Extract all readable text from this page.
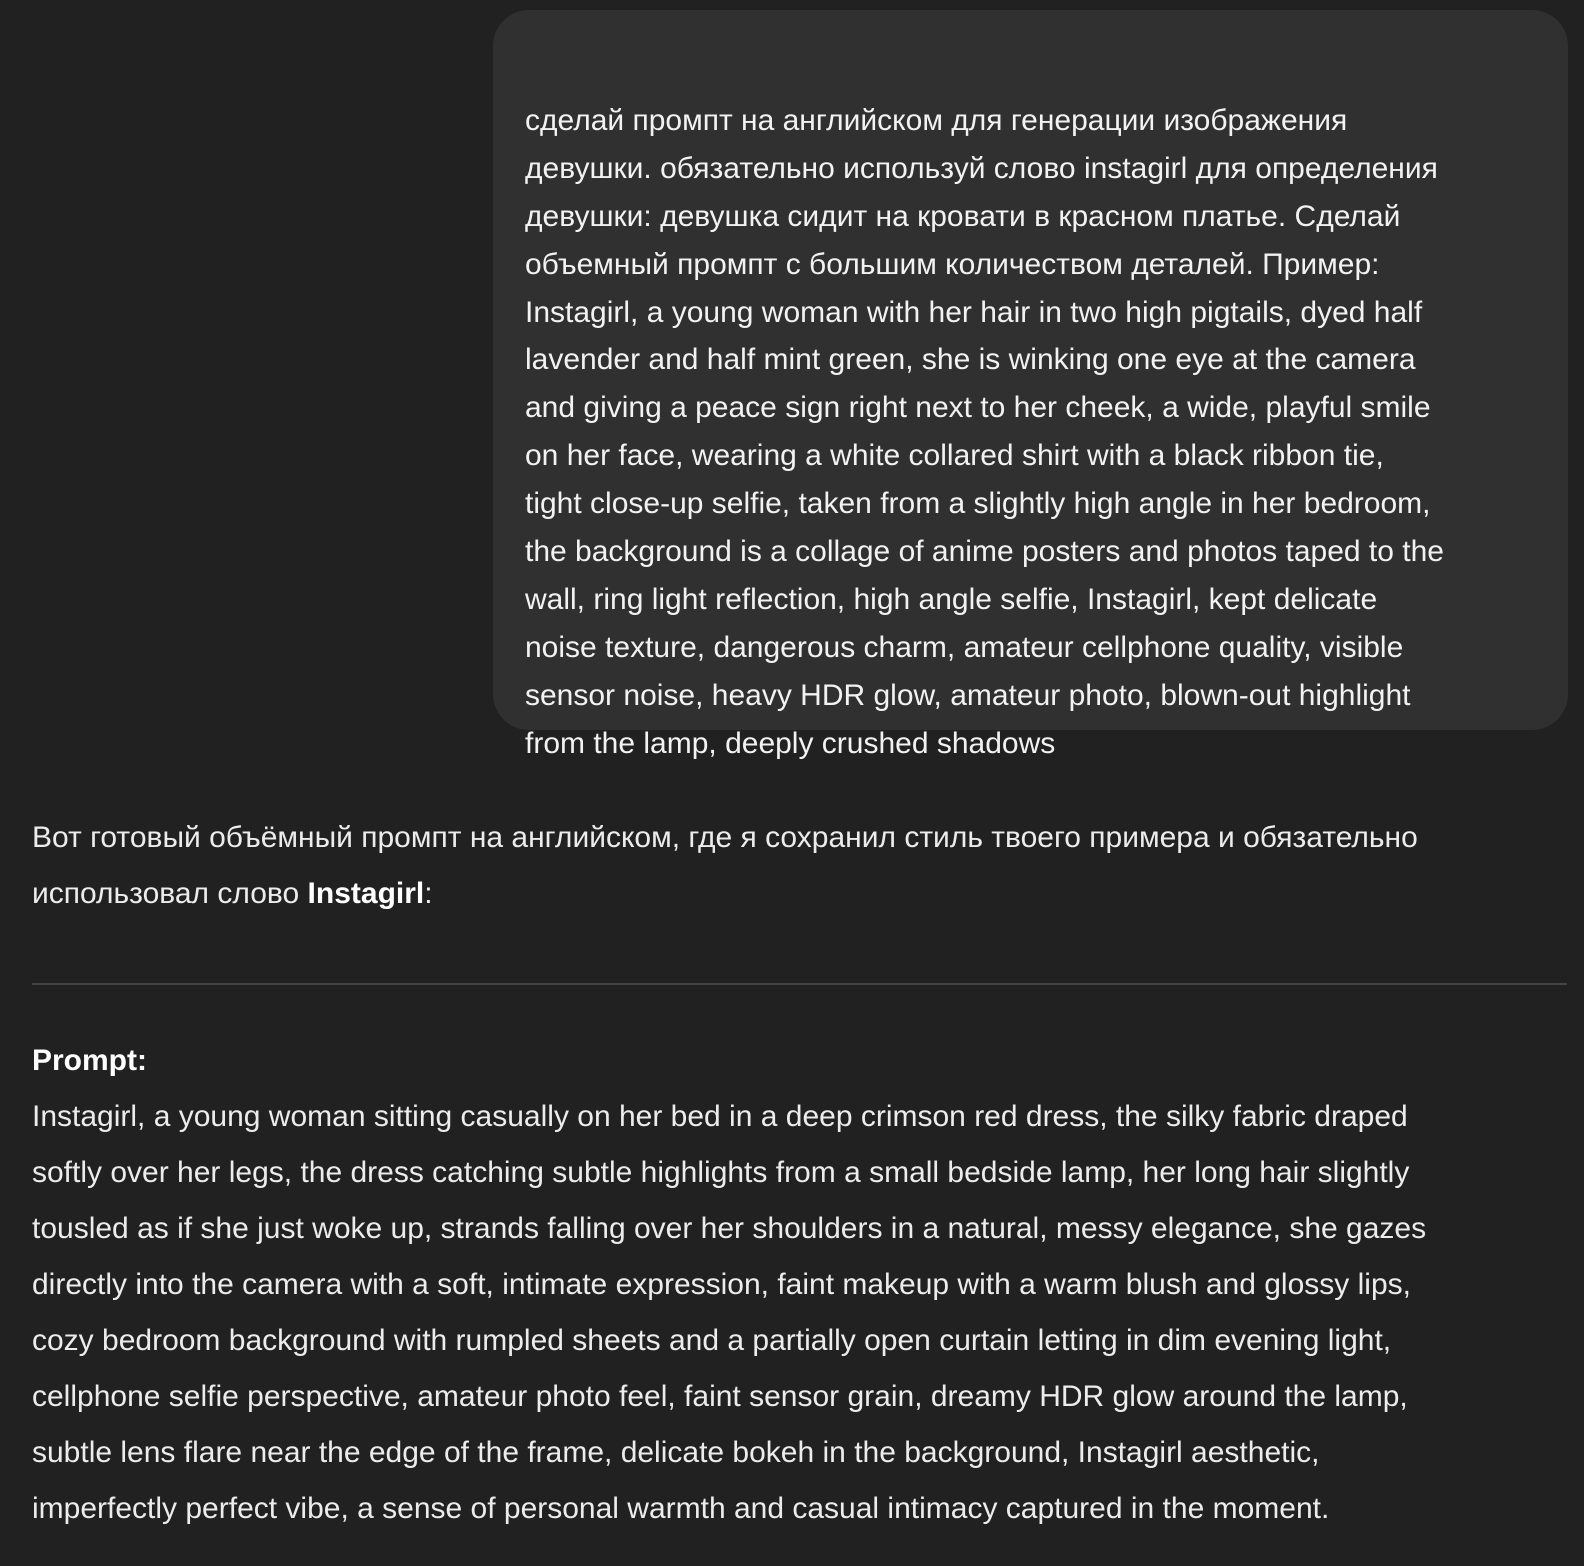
сделай промпт на английском для генерации изображения
девушки. обязательно используй слово instagirl для определения
девушки: девушка сидит на кровати в красном платье. Сделай
объемный промпт с большим количеством деталей. Пример:
Instagirl, a young woman with her hair in two high pigtails, dyed half
lavender and half mint green, she is winking one eye at the camera
and giving a peace sign right next to her cheek, a wide, playful smile
on her face, wearing a white collared shirt with a black ribbon tie,
tight close-up selfie, taken from a slightly high angle in her bedroom,
the background is a collage of anime posters and photos taped to the
wall, ring light reflection, high angle selfie, Instagirl, kept delicate
noise texture, dangerous charm, amateur cellphone quality, visible
sensor noise, heavy HDR glow, amateur photo, blown-out highlight
from the lamp, deeply crushed shadows

Вот готовый объёмный промпт на английском, где я сохранил стиль твоего примера и обязательно использовал слово Instagirl:

Prompt:
Instagirl, a young woman sitting casually on her bed in a deep crimson red dress, the silky fabric draped
softly over her legs, the dress catching subtle highlights from a small bedside lamp, her long hair slightly
tousled as if she just woke up, strands falling over her shoulders in a natural, messy elegance, she gazes
directly into the camera with a soft, intimate expression, faint makeup with a warm blush and glossy lips,
cozy bedroom background with rumpled sheets and a partially open curtain letting in dim evening light,
cellphone selfie perspective, amateur photo feel, faint sensor grain, dreamy HDR glow around the lamp,
subtle lens flare near the edge of the frame, delicate bokeh in the background, Instagirl aesthetic,
imperfectly perfect vibe, a sense of personal warmth and casual intimacy captured in the moment.
